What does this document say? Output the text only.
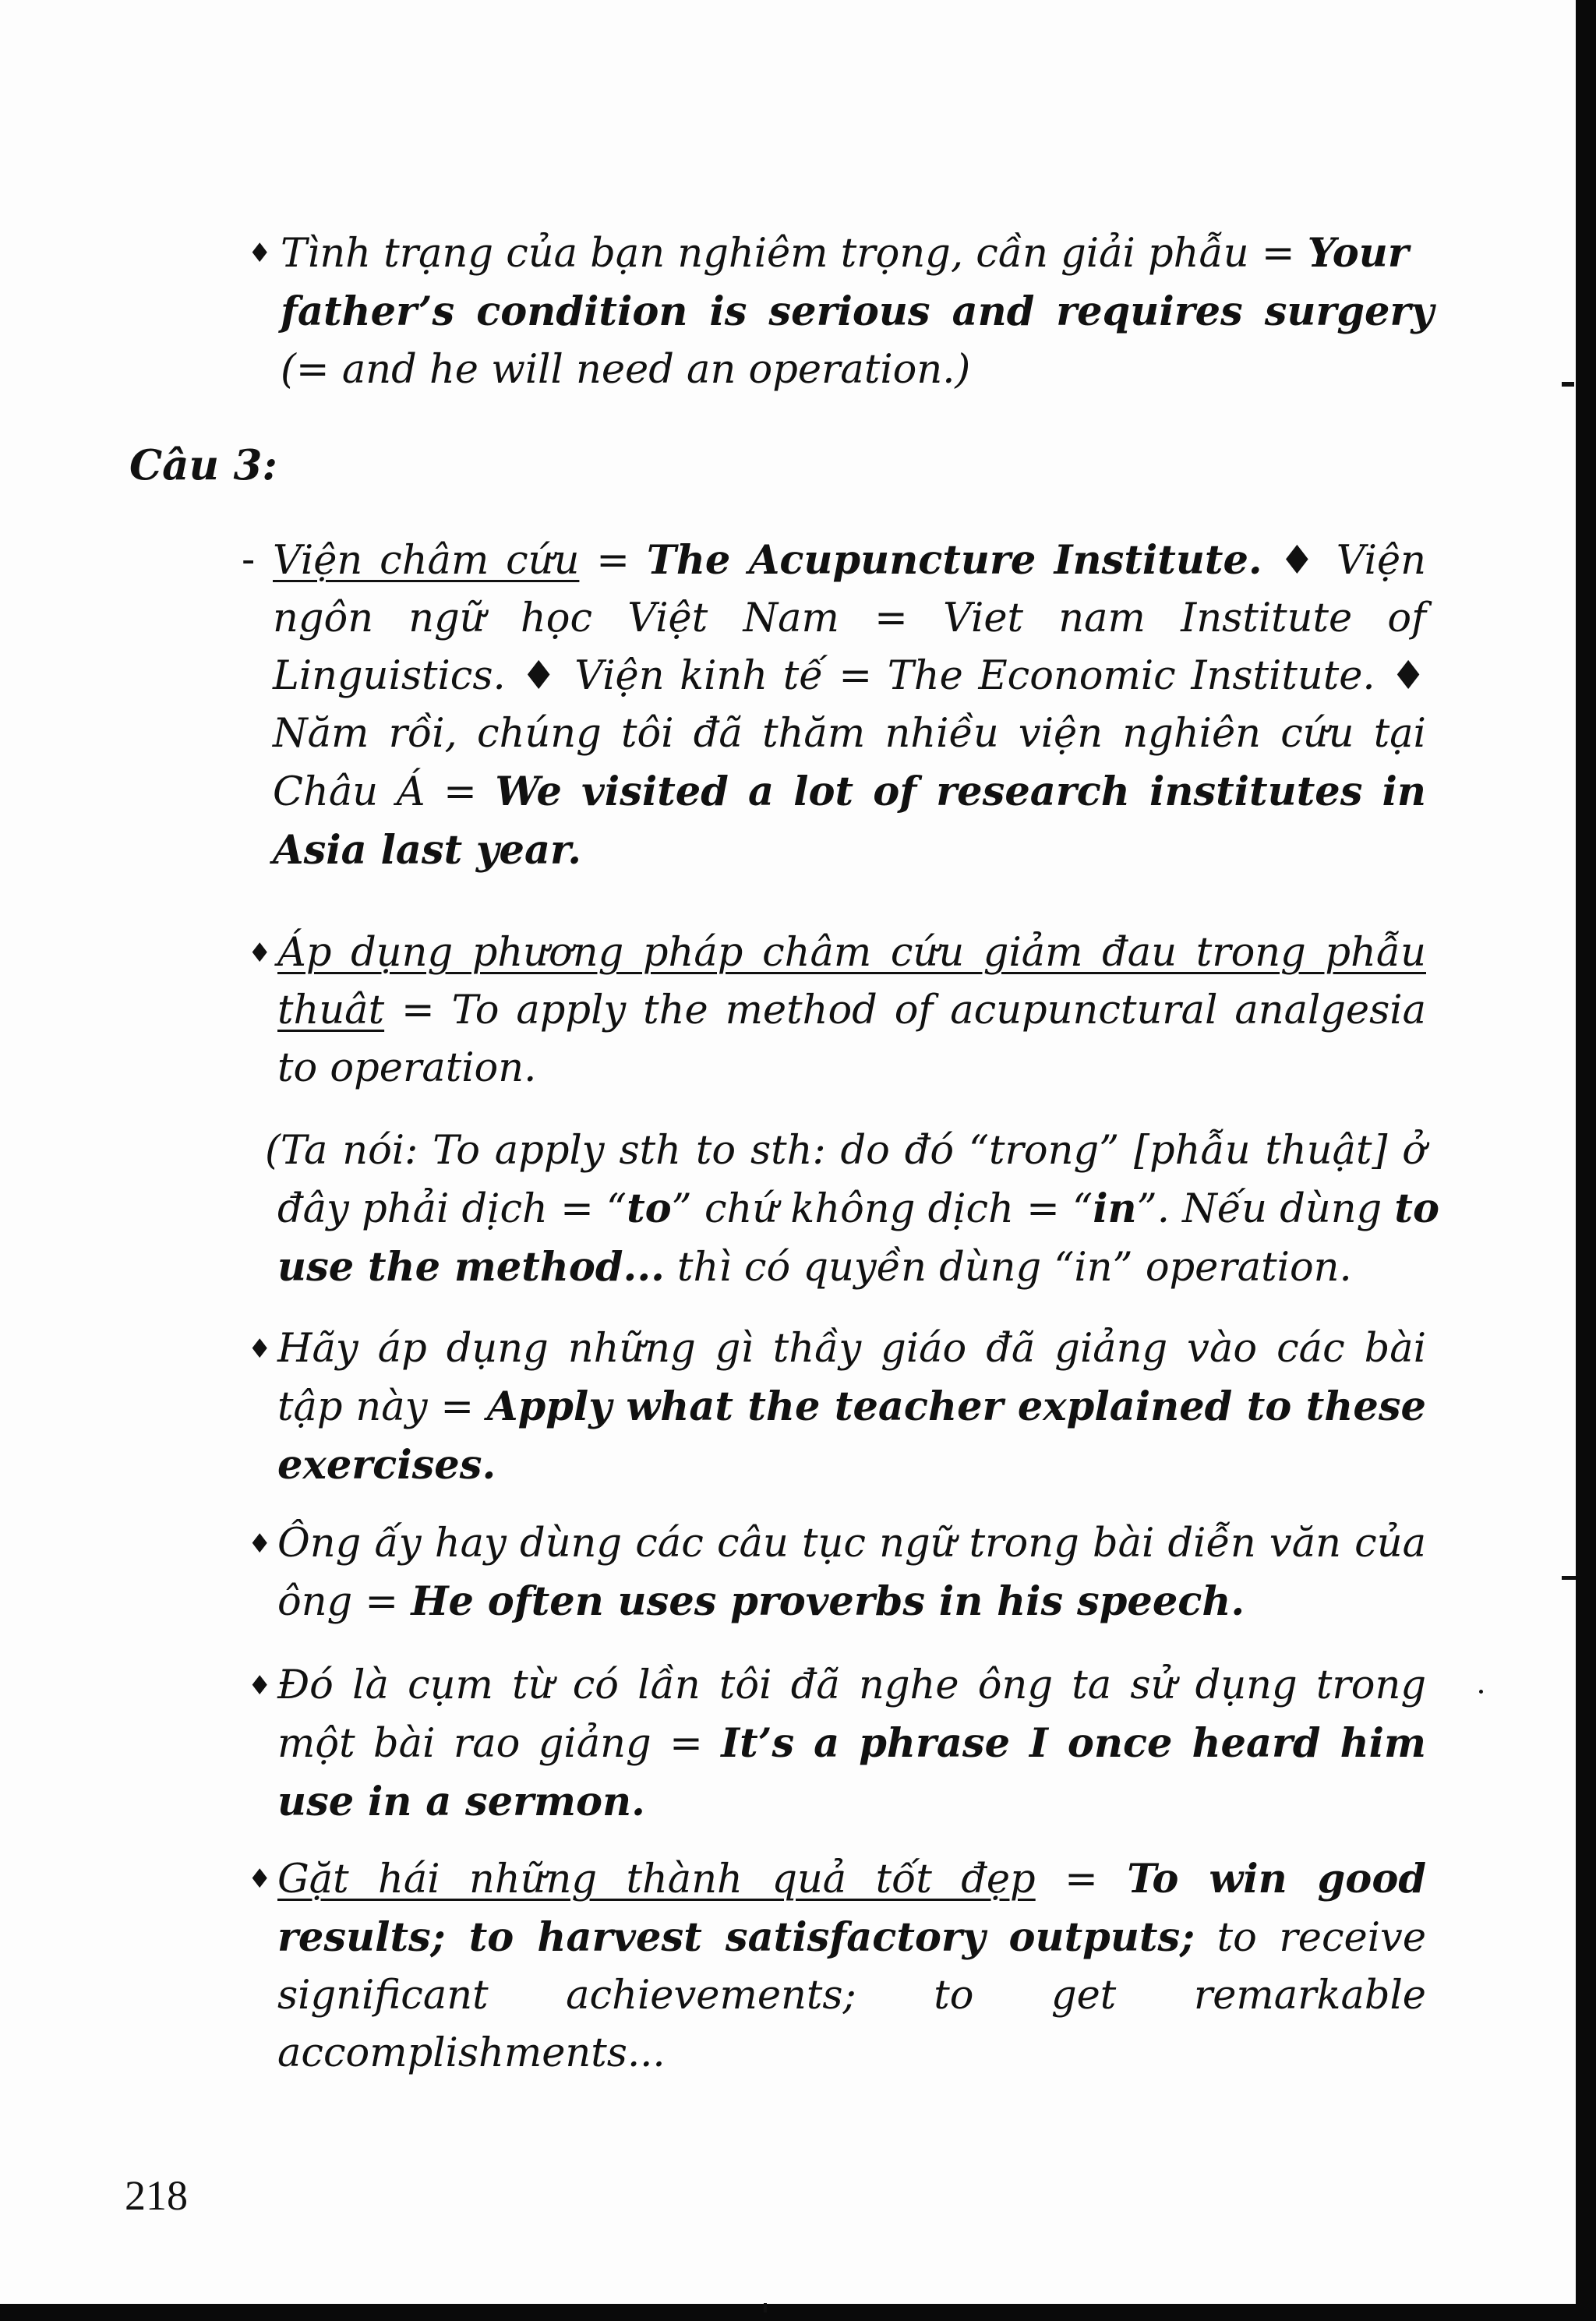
♦ Tình trạng của bạn nghiêm trọng, cần giải phẫu = Your
father’s condition is serious and requires surgery
(= and he will need an operation.)
Câu 3:
- Viện châm cứu = The Acupuncture Institute. ♦ Viện
ngôn ngữ học Việt Nam = Viet nam Institute of
Linguistics. ♦ Viện kinh tế = The Economic Institute. ♦
Năm rồi, chúng tôi đã thăm nhiều viện nghiên cứu tại
Châu Á = We visited a lot of research institutes in
Asia last year.
♦ Áp dụng phương pháp châm cứu giảm đau trong phẫu
thuât = To apply the method of acupunctural analgesia
to operation.
(Ta nói: To apply sth to sth: do đó “trong” [phẫu thuật] ở
đây phải dịch = “to” chứ không dịch = “in”. Nếu dùng to
use the method... thì có quyền dùng “in” operation.
♦ Hãy áp dụng những gì thầy giáo đã giảng vào các bài
tập này = Apply what the teacher explained to these
exercises.
♦ Ông ấy hay dùng các câu tục ngữ trong bài diễn văn của
ông = He often uses proverbs in his speech.
♦ Đó là cụm từ có lần tôi đã nghe ông ta sử dụng trong
một bài rao giảng = It’s a phrase I once heard him
use in a sermon.
♦ Gặt hái những thành quả tốt đẹp = To win good
results; to harvest satisfactory outputs; to receive
significant achievements; to get remarkable
accomplishments...
218
